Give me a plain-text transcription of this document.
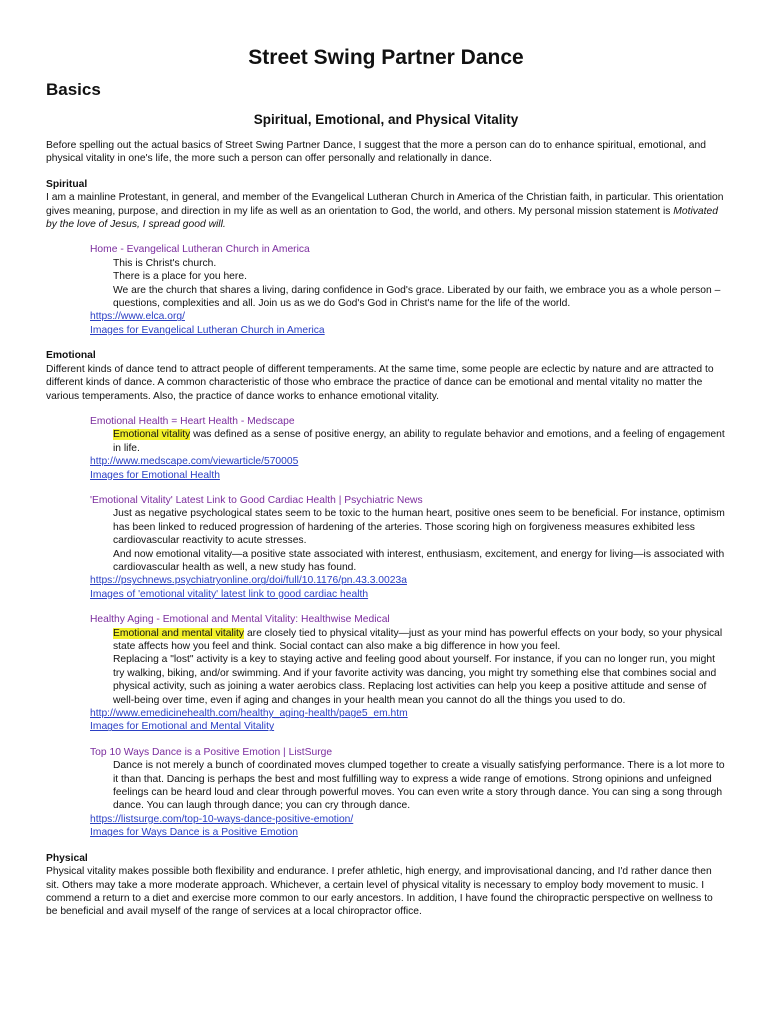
Street Swing Partner Dance
Basics
Spiritual, Emotional, and Physical Vitality

Before spelling out the actual basics of Street Swing Partner Dance, I suggest that the more a person can do to enhance spiritual, emotional, and physical vitality in one's life, the more such a person can offer personally and relationally in dance.

Spiritual

I am a mainline Protestant, in general, and member of the Evangelical Lutheran Church in America of the Christian faith, in particular. This orientation gives meaning, purpose, and direction in my life as well as an orientation to God, the world, and others. My personal mission statement is Motivated by the love of Jesus, I spread good will.

Home - Evangelical Lutheran Church in America

This is Christ's church.

There is a place for you here.

We are the church that shares a living, daring confidence in God's grace. Liberated by our faith, we embrace you as a whole person – questions, complexities and all. Join us as we do God's God in Christ's name for the life of the world.

https://www.elca.org/

Images for Evangelical Lutheran Church in America

Emotional

Different kinds of dance tend to attract people of different temperaments. At the same time, some people are eclectic by nature and are attracted to different kinds of dance. A common characteristic of those who embrace the practice of dance can be emotional and mental vitality no matter the various temperaments. Also, the practice of dance works to enhance emotional vitality.

Emotional Health = Heart Health - Medscape

Emotional vitality was defined as a sense of positive energy, an ability to regulate behavior and emotions, and a feeling of engagement in life.

http://www.medscape.com/viewarticle/570005

Images for Emotional Health

'Emotional Vitality' Latest Link to Good Cardiac Health | Psychiatric News

Just as negative psychological states seem to be toxic to the human heart, positive ones seem to be beneficial. For instance, optimism has been linked to reduced progression of hardening of the arteries. Those scoring high on forgiveness measures exhibited less cardiovascular reactivity to acute stresses.

And now emotional vitality—a positive state associated with interest, enthusiasm, excitement, and energy for living—is associated with cardiovascular health as well, a new study has found.

https://psychnews.psychiatryonline.org/doi/full/10.1176/pn.43.3.0023a

Images of 'emotional vitality' latest link to good cardiac health

Healthy Aging - Emotional and Mental Vitality: Healthwise Medical

Emotional and mental vitality are closely tied to physical vitality—just as your mind has powerful effects on your body, so your physical state affects how you feel and think. Social contact can also make a big difference in how you feel.

Replacing a "lost" activity is a key to staying active and feeling good about yourself. For instance, if you can no longer run, you might try walking, biking, and/or swimming. And if your favorite activity was dancing, you might try something else that combines social and physical activity, such as joining a water aerobics class. Replacing lost activities can help you keep a positive attitude and sense of well-being over time, even if aging and changes in your health mean you cannot do all the things you used to do.

http://www.emedicinehealth.com/healthy_aging-health/page5_em.htm

Images for Emotional and Mental Vitality

Top 10 Ways Dance is a Positive Emotion | ListSurge

Dance is not merely a bunch of coordinated moves clumped together to create a visually satisfying performance. There is a lot more to it than that. Dancing is perhaps the best and most fulfilling way to express a wide range of emotions. Strong opinions and unfeigned feelings can be heard loud and clear through powerful moves. You can even write a story through dance. You can sing a song through dance. You can laugh through dance; you can cry through dance.

https://listsurge.com/top-10-ways-dance-positive-emotion/

Images for Ways Dance is a Positive Emotion

Physical

Physical vitality makes possible both flexibility and endurance. I prefer athletic, high energy, and improvisational dancing, and I'd rather dance then sit. Others may take a more moderate approach. Whichever, a certain level of physical vitality is necessary to employ body movement to music. I commend a return to a diet and exercise more common to our early ancestors. In addition, I have found the chiropractic perspective on wellness to be beneficial and avail myself of the range of services at a local chiropractor office.
